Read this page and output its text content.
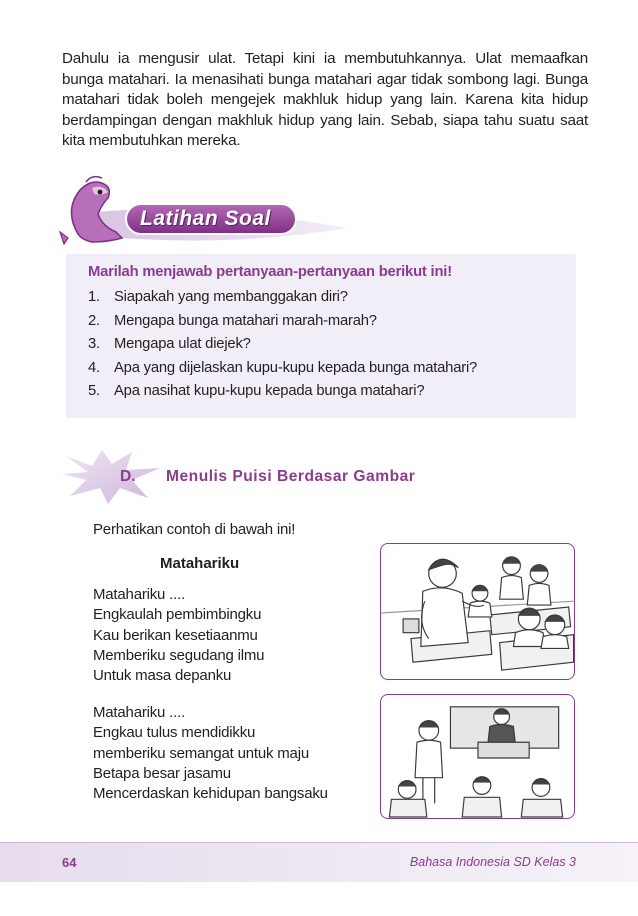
Dahulu ia mengusir ulat. Tetapi kini ia membutuhkannya. Ulat memaafkan bunga matahari. Ia menasihati bunga matahari agar tidak sombong lagi. Bunga matahari tidak boleh mengejek makhluk hidup yang lain. Karena kita hidup berdampingan dengan makhluk hidup yang lain. Sebab, siapa tahu suatu saat kita membutuhkan mereka.

Latihan Soal
Marilah menjawab pertanyaan-pertanyaan berikut ini!
1. Siapakah yang membanggakan diri?
2. Mengapa bunga matahari marah-marah?
3. Mengapa ulat diejek?
4. Apa yang dijelaskan kupu-kupu kepada bunga matahari?
5. Apa nasihat kupu-kupu kepada bunga matahari?
D. Menulis Puisi Berdasar Gambar
Perhatikan contoh di bawah ini!
Matahariku
Matahariku ....
Engkaulah pembimbingku
Kau berikan kesetiaanmu
Memberiku segudang ilmu
Untuk masa depanku
Matahariku ....
Engkau tulus mendidikku
memberiku semangat untuk maju
Betapa besar jasamu
Mencerdaskan kehidupan bangsaku
64	Bahasa Indonesia SD Kelas 3
